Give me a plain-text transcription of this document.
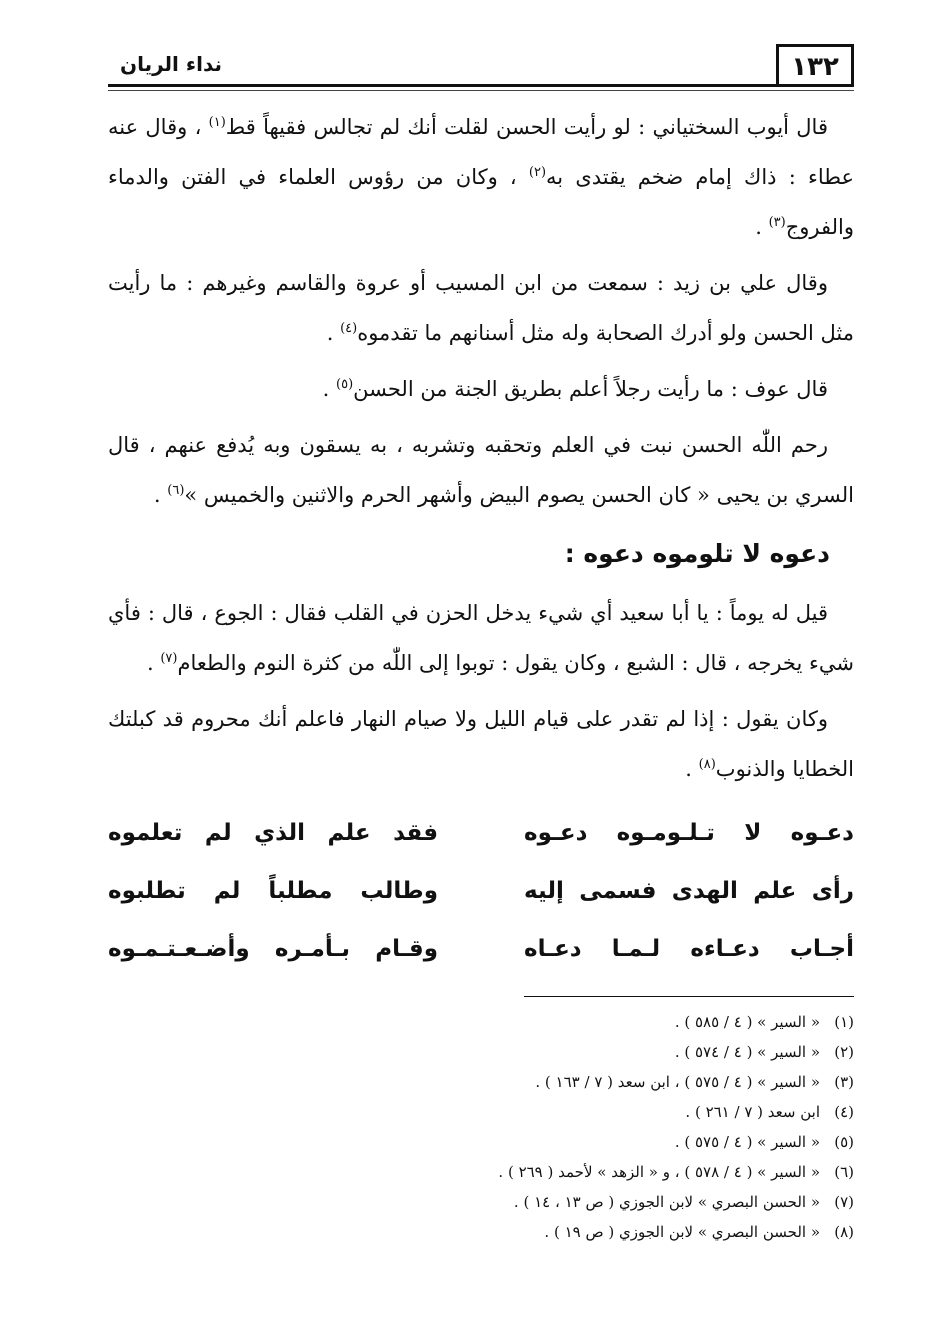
١٣٢
نداء الريان

قال أيوب السختياني : لو رأيت الحسن لقلت أنك لم تجالس فقيهاً قط$^{(١)}$ ، وقال عنه عطاء : ذاك إمام ضخم يقتدى به$^{(٢)}$ ، وكان من رؤوس العلماء في الفتن والدماء والفروج$^{(٣)}$ .

وقال علي بن زيد : سمعت من ابن المسيب أو عروة والقاسم وغيرهم : ما رأيت مثل الحسن ولو أدرك الصحابة وله مثل أسنانهم ما تقدموه$^{(٤)}$ .

قال عوف : ما رأيت رجلاً أعلم بطريق الجنة من الحسن$^{(٥)}$ .

رحم اللّٰه الحسن نبت في العلم وتحقبه وتشربه ، به يسقون وبه يُدفع عنهم ، قال السري بن يحيى « كان الحسن يصوم البيض وأشهر الحرم والاثنين والخميس »$^{(٦)}$ .

دعوه لا تلوموه دعوه :

قيل له يوماً : يا أبا سعيد أي شيء يدخل الحزن في القلب فقال : الجوع ، قال : فأي شيء يخرجه ، قال : الشبع ، وكان يقول : توبوا إلى اللّٰه من كثرة النوم والطعام$^{(٧)}$ .

وكان يقول : إذا لم تقدر على قيام الليل ولا صيام النهار فاعلم أنك محروم قد كبلتك الخطايا والذنوب$^{(٨)}$ .

دعـوه لا تـلـومـوه دعـوه
فقد علم الذي لم تعلموه
رأى علم الهدى فسمى إليه
وطالب مطلباً لم تطلبوه
أجـاب دعـاءه لـمـا دعـاه
وقـام بـأمـره وأضـعـتـمـوه
(١)
« السير » ( ٤ / ٥٨٥ ) .
(٢)
« السير » ( ٤ / ٥٧٤ ) .
(٣)
« السير » ( ٤ / ٥٧٥ ) ، ابن سعد ( ٧ / ١٦٣ ) .
(٤)
ابن سعد ( ٧ / ٢٦١ ) .
(٥)
« السير » ( ٤ / ٥٧٥ ) .
(٦)
« السير » ( ٤ / ٥٧٨ ) ، و « الزهد » لأحمد ( ٢٦٩ ) .
(٧)
« الحسن البصري » لابن الجوزي ( ص ١٣ ، ١٤ ) .
(٨)
« الحسن البصري » لابن الجوزي ( ص ١٩ ) .
